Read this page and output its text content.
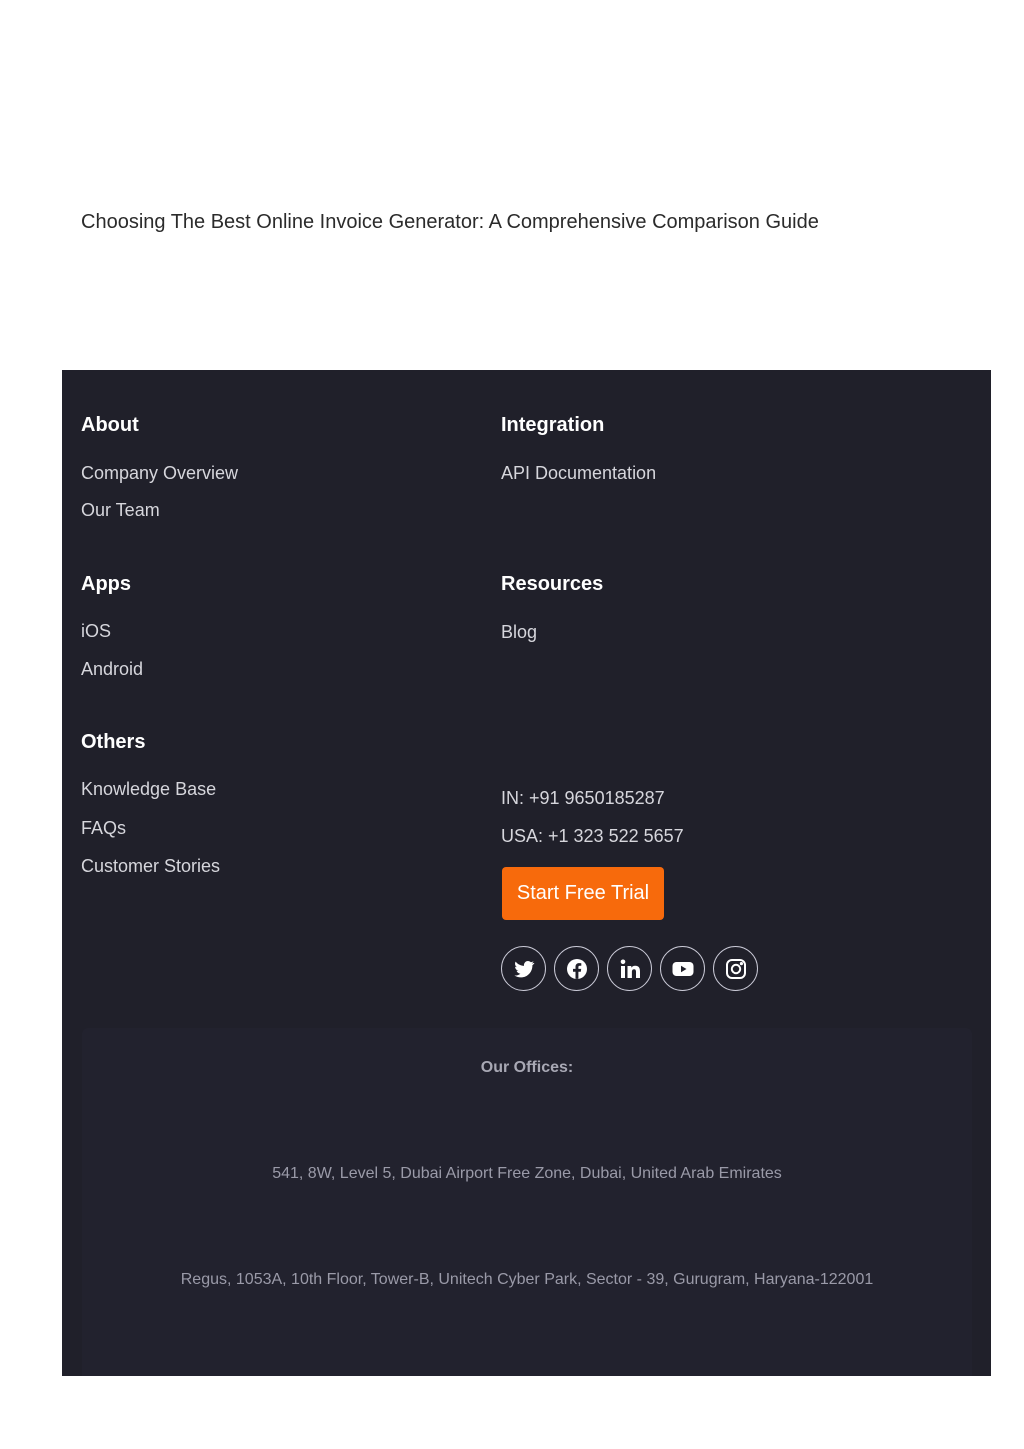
Choosing The Best Online Invoice Generator: A Comprehensive Comparison Guide
About
Company Overview
Our Team
Integration
API Documentation
Apps
iOS
Android
Resources
Blog
Others
Knowledge Base
FAQs
Customer Stories
IN: +91 9650185287
USA: +1 323 522 5657
Start Free Trial
Our Offices:
541, 8W, Level 5, Dubai Airport Free Zone, Dubai, United Arab Emirates
Regus, 1053A, 10th Floor, Tower-B, Unitech Cyber Park, Sector - 39, Gurugram, Haryana-122001
